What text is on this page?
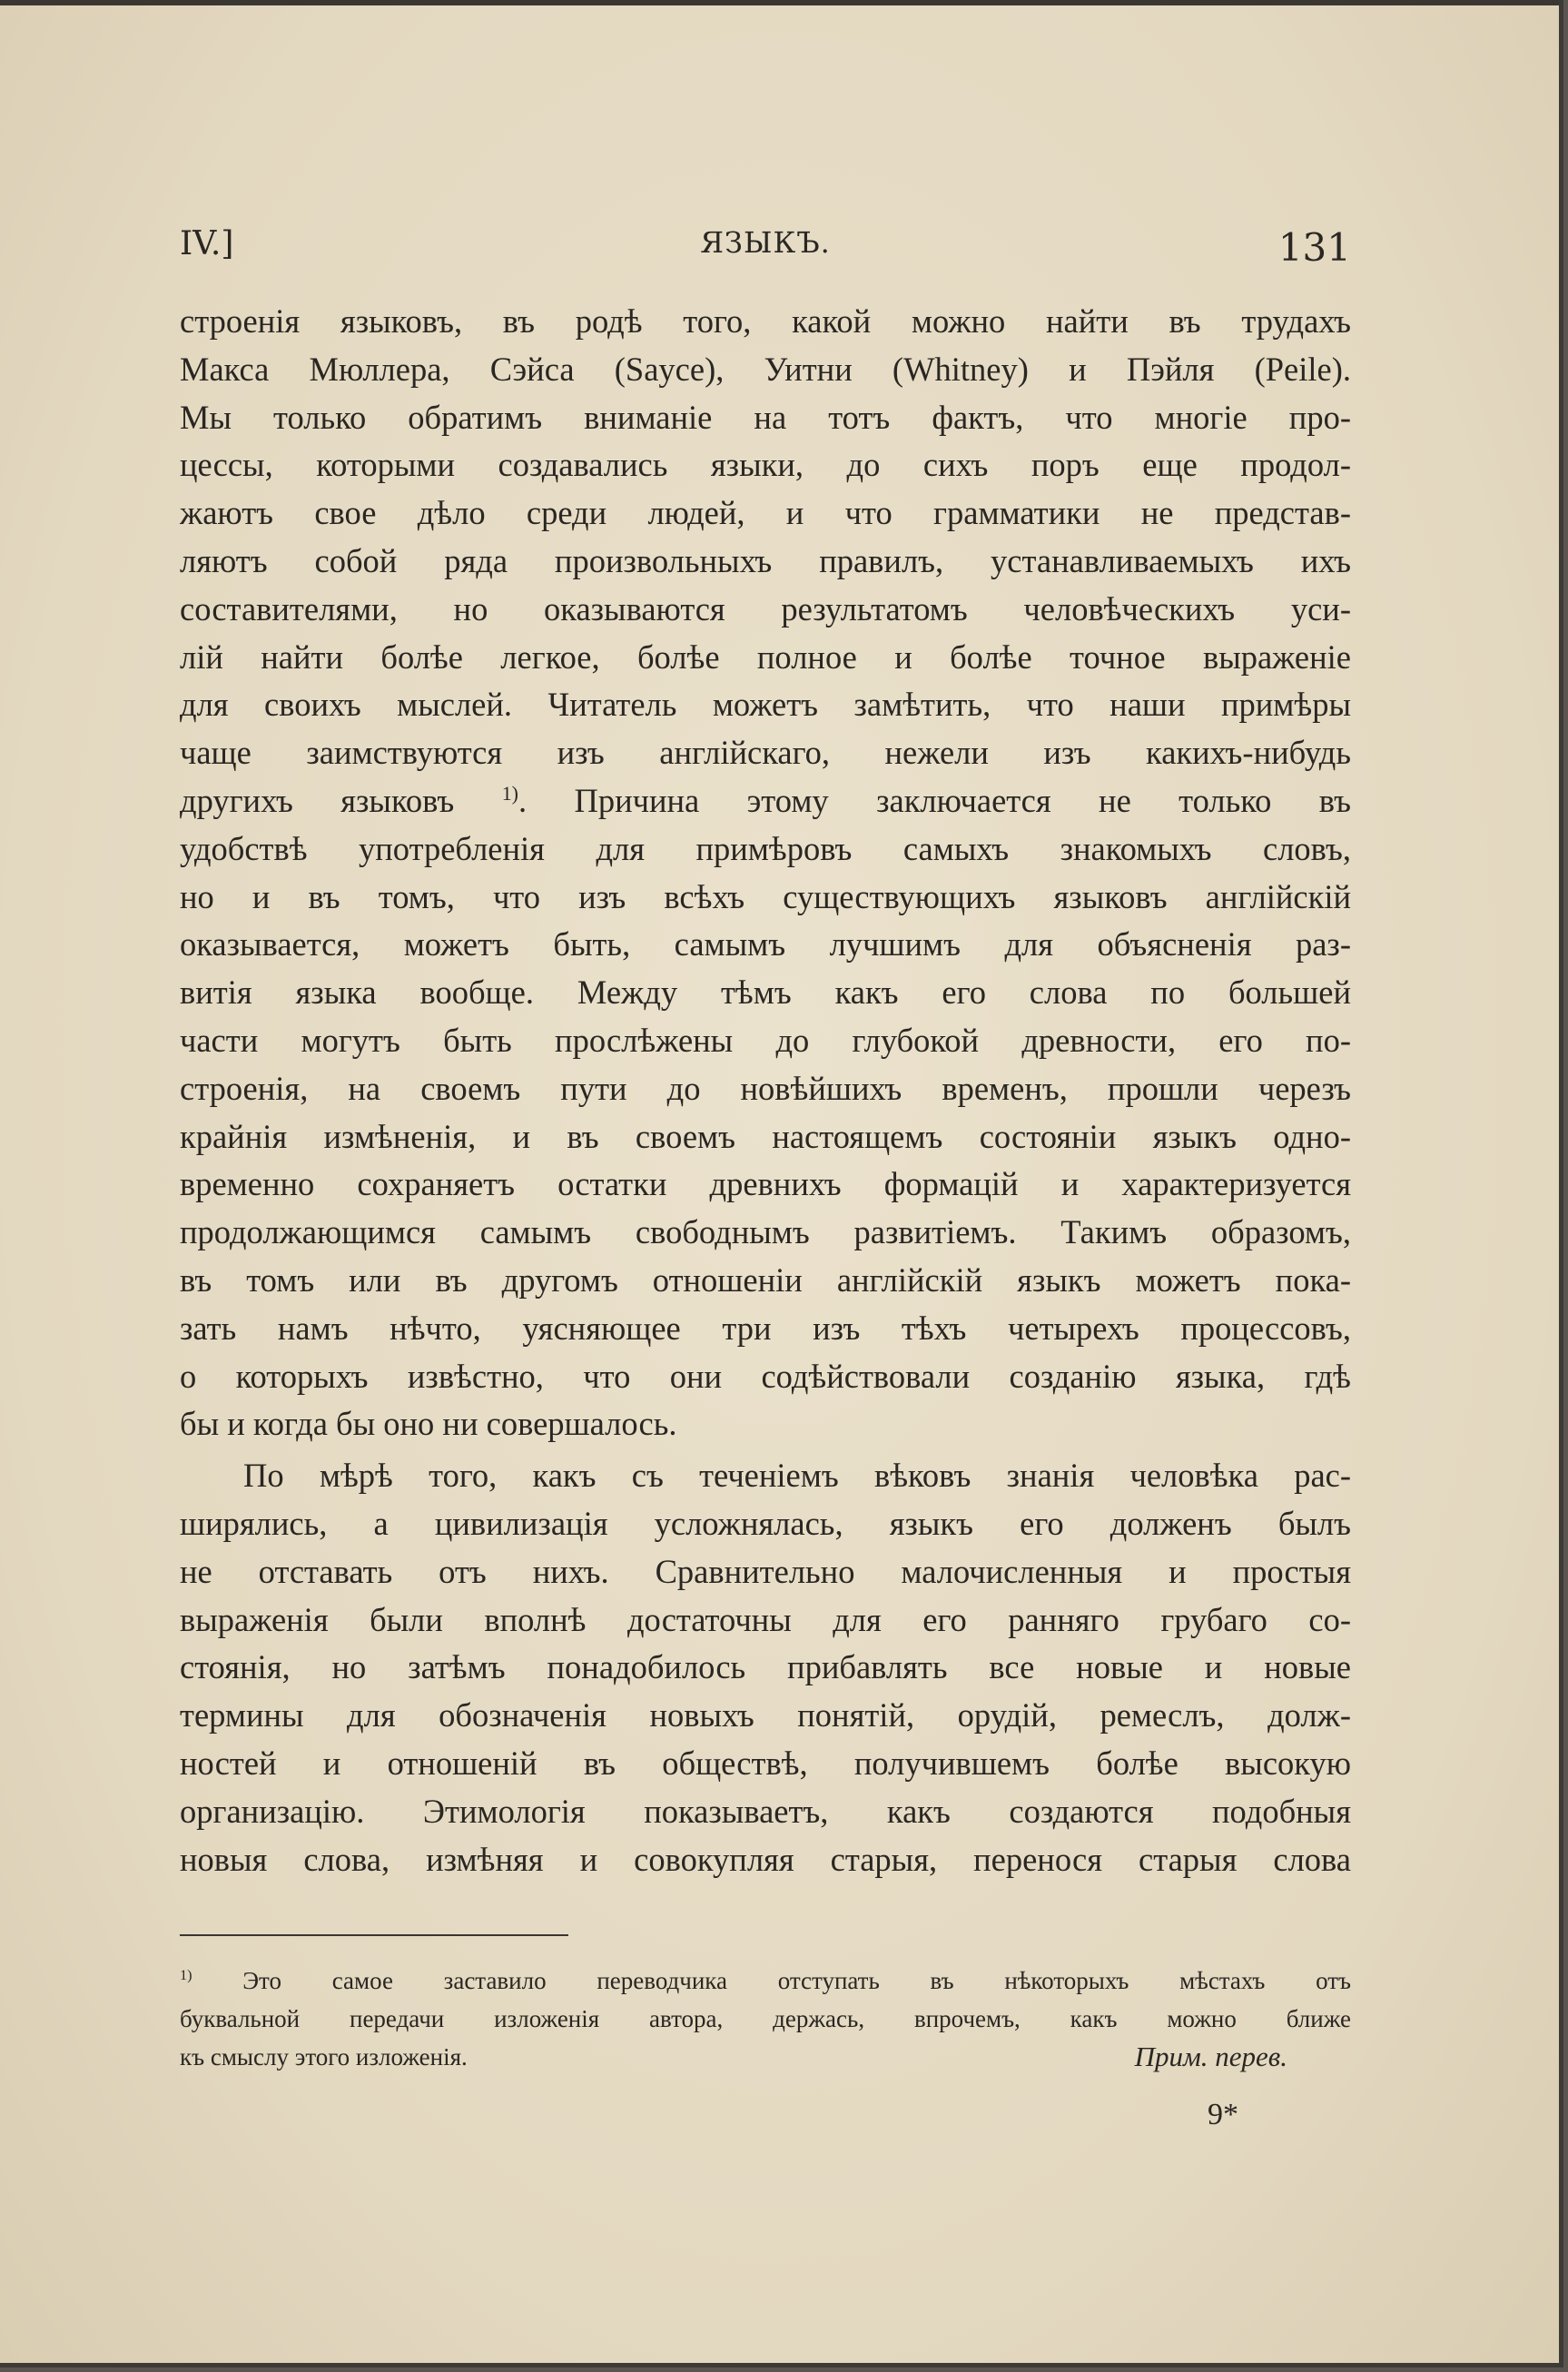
IV.]	ЯЗЫКЪ.	131
строенія языковъ, въ родѣ того, какой можно найти въ трудахъ
Макса Мюллера, Сэйса (Sayce), Уитни (Whitney) и Пэйля (Peile).
Мы только обратимъ вниманіе на тотъ фактъ, что многіе про-
цессы, которыми создавались языки, до сихъ поръ еще продол-
жаютъ свое дѣло среди людей, и что грамматики не представ-
ляютъ собой ряда произвольныхъ правилъ, устанавливаемыхъ ихъ
составителями, но оказываются результатомъ человѣческихъ уси-
лій найти болѣе легкое, болѣе полное и болѣе точное выраженіе
для своихъ мыслей. Читатель можетъ замѣтить, что наши примѣры
чаще заимствуются изъ англійскаго, нежели изъ какихъ-нибудь
другихъ языковъ $^{1)}$. Причина этому заключается не только въ
удобствѣ употребленія для примѣровъ самыхъ знакомыхъ словъ,
но и въ томъ, что изъ всѣхъ существующихъ языковъ англійскій
оказывается, можетъ быть, самымъ лучшимъ для объясненія раз-
витія языка вообще. Между тѣмъ какъ его слова по большей
части могутъ быть прослѣжены до глубокой древности, его по-
строенія, на своемъ пути до новѣйшихъ временъ, прошли черезъ
крайнія измѣненія, и въ своемъ настоящемъ состояніи языкъ одно-
временно сохраняетъ остатки древнихъ формацій и характеризуется
продолжающимся самымъ свободнымъ развитіемъ. Такимъ образомъ,
въ томъ или въ другомъ отношеніи англійскій языкъ можетъ пока-
зать намъ нѣчто, уясняющее три изъ тѣхъ четырехъ процессовъ,
о которыхъ извѣстно, что они содѣйствовали созданію языка, гдѣ
бы и когда бы оно ни совершалось.
По мѣрѣ того, какъ съ теченіемъ вѣковъ знанія человѣка рас-
ширялись, а цивилизація усложнялась, языкъ его долженъ былъ
не отставать отъ нихъ. Сравнительно малочисленныя и простыя
выраженія были вполнѣ достаточны для его ранняго грубаго со-
стоянія, но затѣмъ понадобилось прибавлять все новые и новые
термины для обозначенія новыхъ понятій, орудій, ремеслъ, долж-
ностей и отношеній въ обществѣ, получившемъ болѣе высокую
организацію. Этимологія показываетъ, какъ создаются подобныя
новыя слова, измѣняя и совокупляя старыя, перенося старыя слова
$^{1)}$ Это самое заставило переводчика отступать въ нѣкоторыхъ мѣстахъ отъ
буквальной передачи изложенія автора, держась, впрочемъ, какъ можно ближе
къ смыслу этого изложенія.	Прим. перев.
9*
